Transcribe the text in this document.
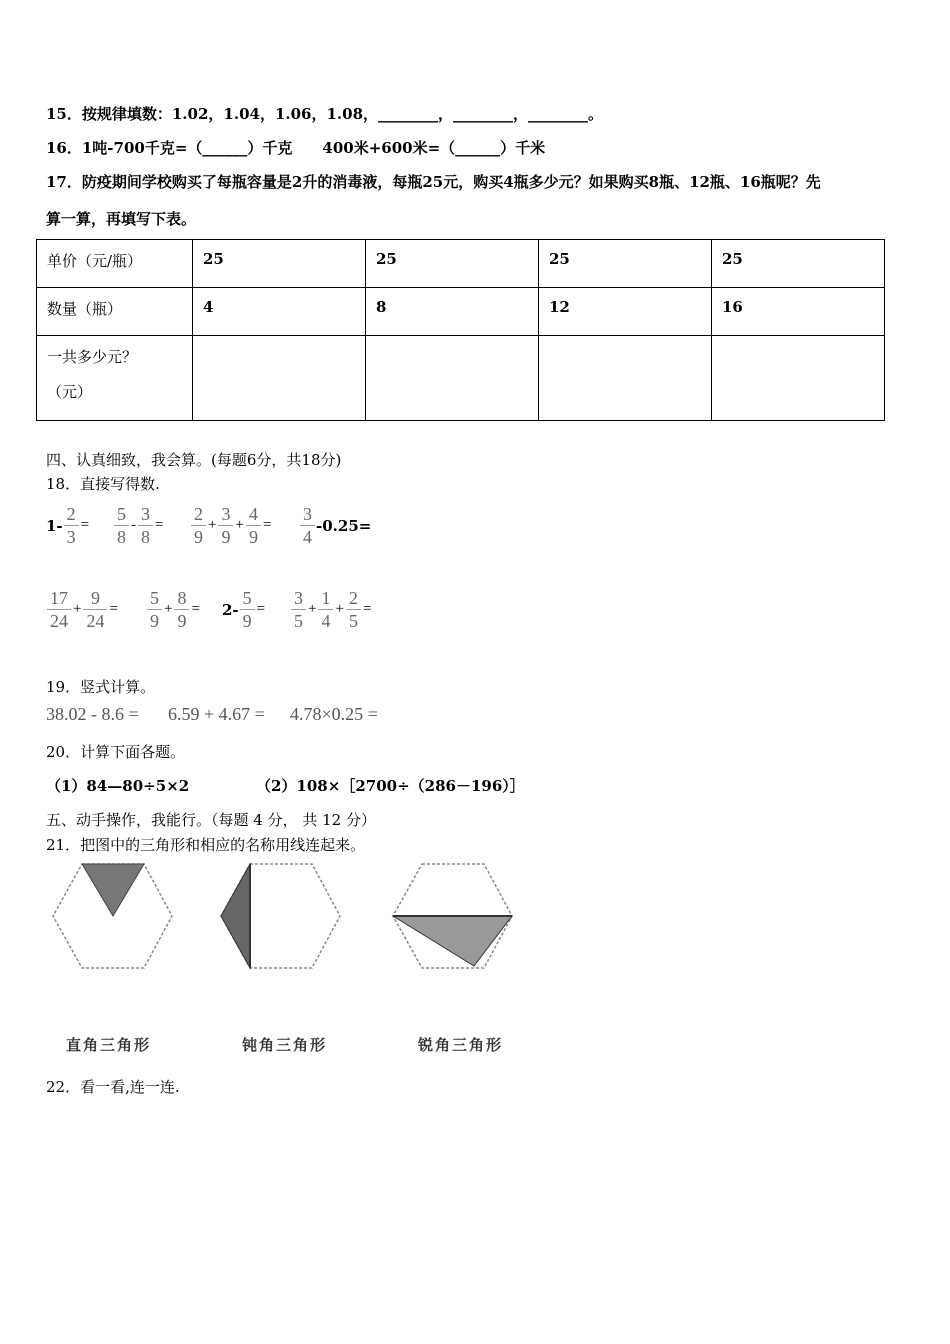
15．按规律填数：1.02，1.04，1.06，1.08，________，________，________。
16．1吨-700千克=（______）千克　　400米+600米=（______）千米
17．防疫期间学校购买了每瓶容量是2升的消毒液，每瓶25元，购买4瓶多少元？如果购买8瓶、12瓶、16瓶呢？先
算一算，再填写下表。
单价（元/瓶）	25	25	25	25
数量（瓶）	4	8	12	16

一共多少元？
（元）				

四、认真细致，我会算。(每题6分，共18分)
18．直接写得数.
$1- \frac{2}{3} = \frac{5}{8} - \frac{3}{8} = \frac{2}{9} + \frac{3}{9} + \frac{4}{9} = \frac{3}{4} -0.25=$
$\frac{17}{24} + \frac{9}{24} = \frac{5}{9} + \frac{8}{9} = 2- \frac{5}{9} = \frac{3}{5} + \frac{1}{4} + \frac{2}{5}$ =
19．竖式计算。
38.02 - 8.6 = 6.59 + 4.67 = 4.78×0.25 =
20．计算下面各题。
（1）84—80÷5×2	（2）108×［2700÷（286－196）］
五、动手操作，我能行。（每题 4 分， 共 12 分）
21．把图中的三角形和相应的名称用线连起来。
直角三角形	钝角三角形	锐角三角形
22．看一看,连一连.
